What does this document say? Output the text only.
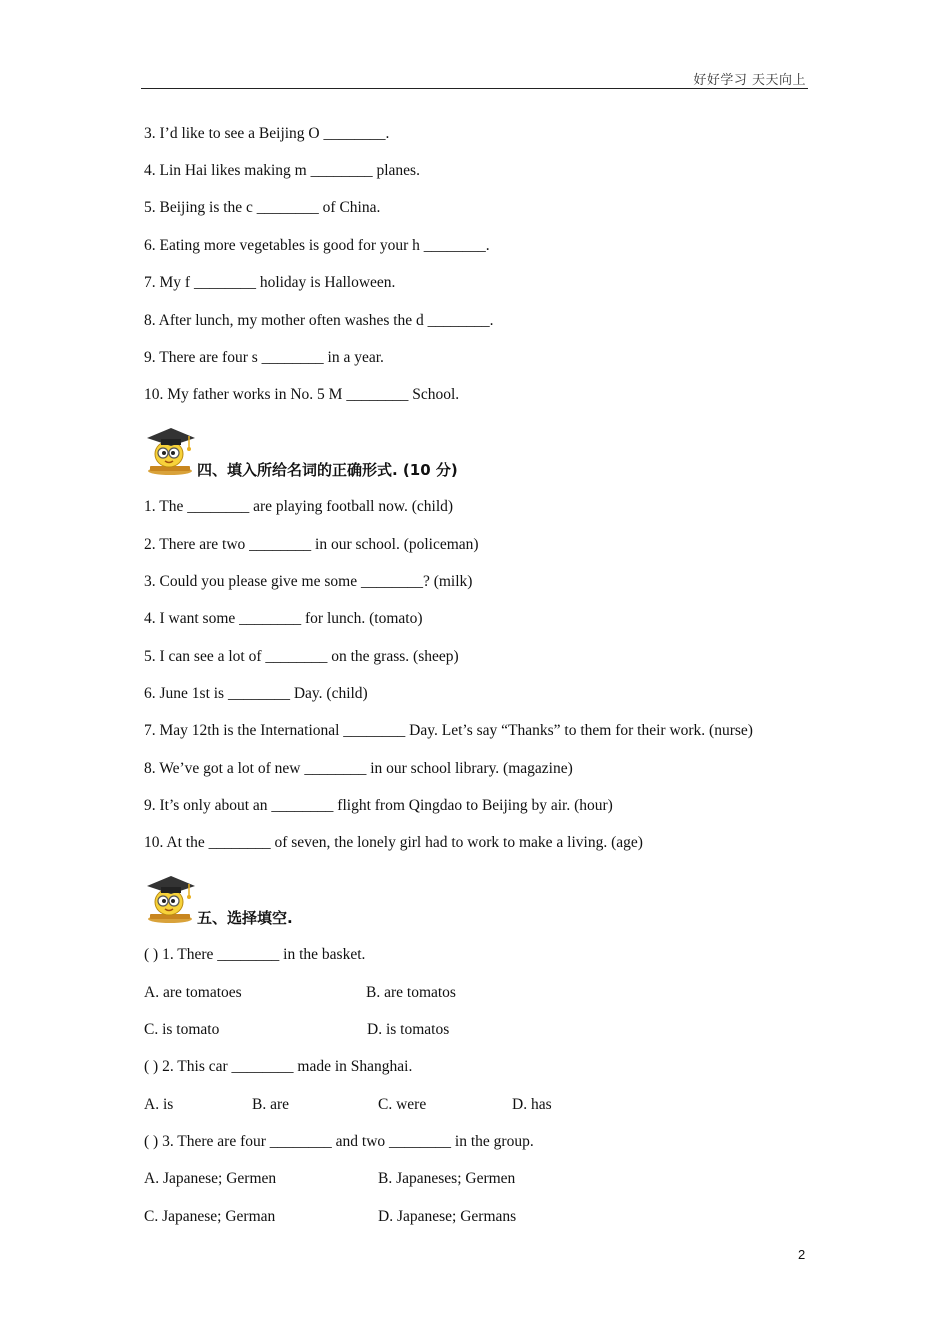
好好学习 天天向上
3. I’d like to see a Beijing O ________.
4. Lin Hai likes making m ________ planes.
5. Beijing is the c ________ of China.
6. Eating more vegetables is good for your h ________.
7. My f ________ holiday is Halloween.
8. After lunch, my mother often washes the d ________.
9. There are four s ________ in a year.
10. My father works in No. 5 M ________ School.
四、填入所给名词的正确形式. (10 分)
1. The ________ are playing football now. (child)
2. There are two ________ in our school. (policeman)
3. Could you please give me some ________? (milk)
4. I want some ________ for lunch. (tomato)
5. I can see a lot of ________ on the grass. (sheep)
6. June 1st is ________ Day. (child)
7. May 12th is the International ________ Day. Let’s say “Thanks” to them for their work. (nurse)
8. We’ve got a lot of new ________ in our school library. (magazine)
9. It’s only about an ________ flight from Qingdao to Beijing by air. (hour)
10. At the ________ of seven, the lonely girl had to work to make a living. (age)
五、选择填空.
( ) 1. There ________ in the basket.
A. are tomatoes	B. are tomatos
C. is tomato	D. is tomatos
( ) 2. This car ________ made in Shanghai.
A. is	B. are	C. were	D. has
( ) 3. There are four ________ and two ________ in the group.
A. Japanese; Germen	B. Japaneses; Germen
C. Japanese; German	D. Japanese; Germans
2
